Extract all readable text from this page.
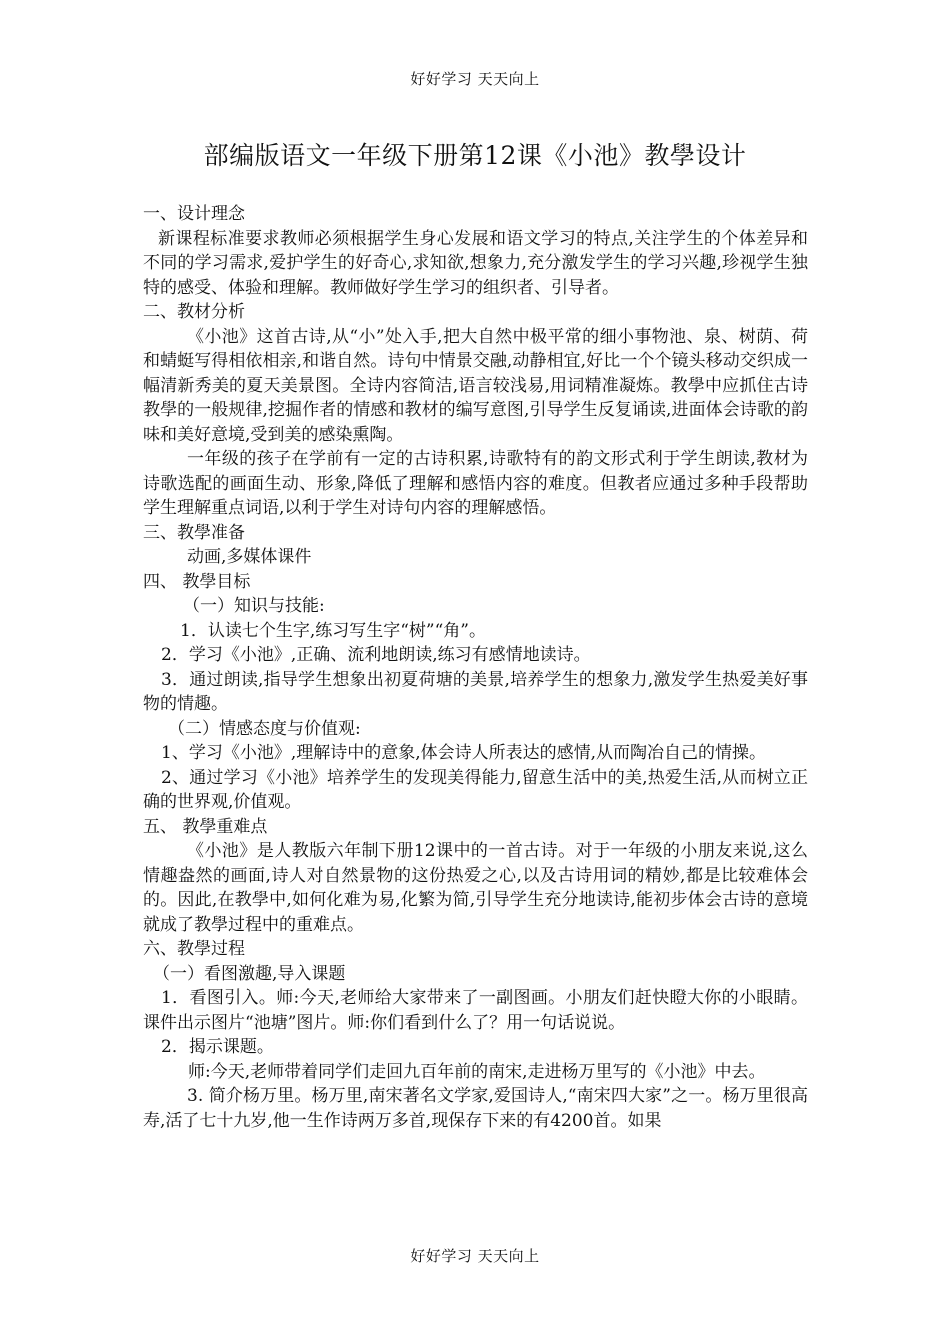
好好学习 天天向上
部编版语文一年级下册第12课《小池》教學设计

一、设计理念

新课程标准要求教师必须根据学生身心发展和语文学习的特点,关注学生的个体差异和不同的学习需求,爱护学生的好奇心,求知欲,想象力,充分激发学生的学习兴趣,珍视学生独特的感受、体验和理解。教师做好学生学习的组织者、引导者。

二、教材分析

《小池》这首古诗,从“小”处入手,把大自然中极平常的细小事物池、泉、树荫、荷和蜻蜓写得相依相亲,和谐自然。诗句中情景交融,动静相宜,好比一个个镜头移动交织成一幅清新秀美的夏天美景图。全诗内容简洁,语言较浅易,用词精准凝炼。教學中应抓住古诗教學的一般规律,挖掘作者的情感和教材的编写意图,引导学生反复诵读,进面体会诗歌的韵味和美好意境,受到美的感染熏陶。

一年级的孩子在学前有一定的古诗积累,诗歌特有的韵文形式利于学生朗读,教材为诗歌选配的画面生动、形象,降低了理解和感悟内容的难度。但教者应通过多种手段帮助学生理解重点词语,以利于学生对诗句内容的理解感悟。

三、教學准备

动画,多媒体课件

四、 教學目标

（一）知识与技能:

1．认读七个生字,练习写生字“树”“角”。

2．学习《小池》,正确、流利地朗读,练习有感情地读诗。

3．通过朗读,指导学生想象出初夏荷塘的美景,培养学生的想象力,激发学生热爱美好事物的情趣。

（二）情感态度与价值观:

1、学习《小池》,理解诗中的意象,体会诗人所表达的感情,从而陶冶自己的情操。

2、通过学习《小池》培养学生的发现美得能力,留意生活中的美,热爱生活,从而树立正确的世界观,价值观。

五、 教學重难点

《小池》是人教版六年制下册12课中的一首古诗。对于一年级的小朋友来说,这么情趣盎然的画面,诗人对自然景物的这份热爱之心,以及古诗用词的精妙,都是比较难体会的。因此,在教學中,如何化难为易,化繁为简,引导学生充分地读诗,能初步体会古诗的意境就成了教學过程中的重难点。

六、教學过程

（一）看图激趣,导入课题

1．看图引入。师:今天,老师给大家带来了一副图画。小朋友们赶快瞪大你的小眼睛。课件出示图片“池塘”图片。师:你们看到什么了？用一句话说说。

2．揭示课题。

师:今天,老师带着同学们走回九百年前的南宋,走进杨万里写的《小池》中去。

3. 简介杨万里。杨万里,南宋著名文学家,爱国诗人,“南宋四大家”之一。杨万里很高寿,活了七十九岁,他一生作诗两万多首,现保存下来的有4200首。如果

好好学习 天天向上
